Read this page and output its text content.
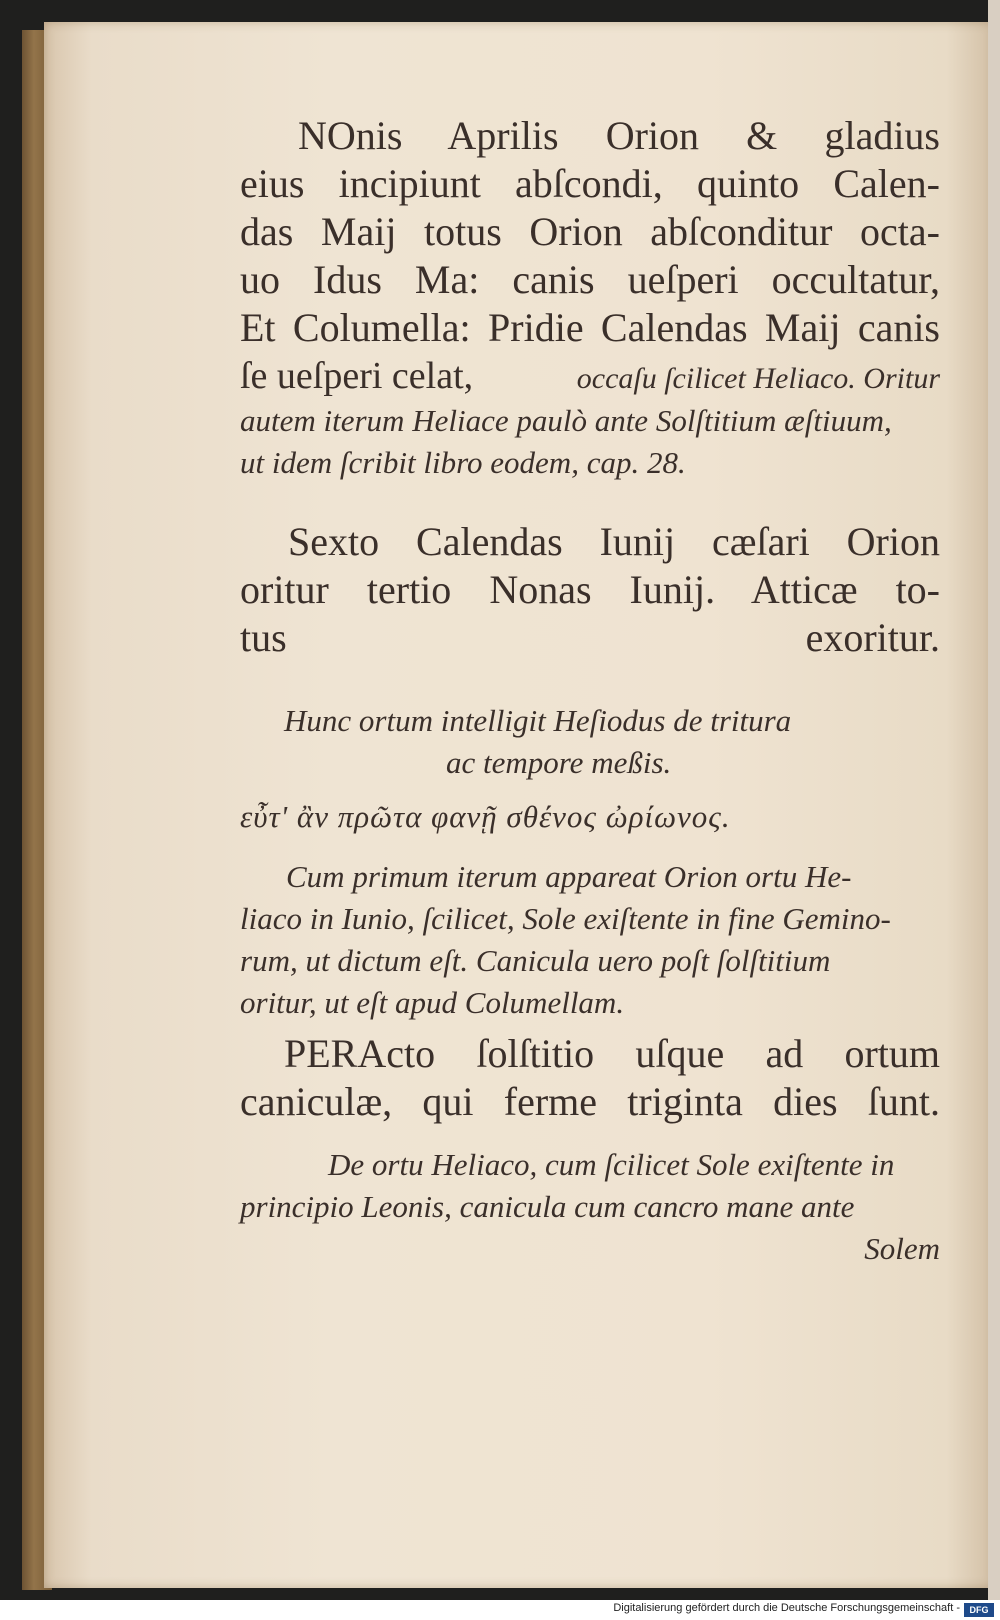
NOnis Aprilis Orion & gladius
eius incipiunt abſcondi, quinto Calen-
das Maij totus Orion abſconditur octa-
uo Idus Ma: canis ueſperi occultatur,
Et Columella: Pridie Calendas Maij canis
ſe ueſperi celat,	occaſu ſcilicet Heliaco. Oritur
autem iterum Heliace paulò ante Solſtitium æſtiuum,
ut idem ſcribit libro eodem, cap. 28.
Sexto Calendas Iunij cæſari Orion
oritur tertio Nonas Iunij. Atticæ to-
tus exoritur.
Hunc ortum intelligit Heſiodus de tritura
ac tempore meßis.
εὖτ' ἂν πρῶτα φανῇ σθένος ὠρίωνος.
Cum primum iterum appareat Orion ortu He-
liaco in Iunio, ſcilicet, Sole exiſtente in fine Gemino-
rum, ut dictum eſt. Canicula uero poſt ſolſtitium
oritur, ut eſt apud Columellam.
PERActo ſolſtitio uſque ad ortum
caniculæ, qui ferme triginta dies ſunt.
De ortu Heliaco, cum ſcilicet Sole exiſtente in
principio Leonis, canicula cum cancro mane ante
Solem
Digitalisierung gefördert durch die Deutsche Forschungsgemeinschaft -	DFG
